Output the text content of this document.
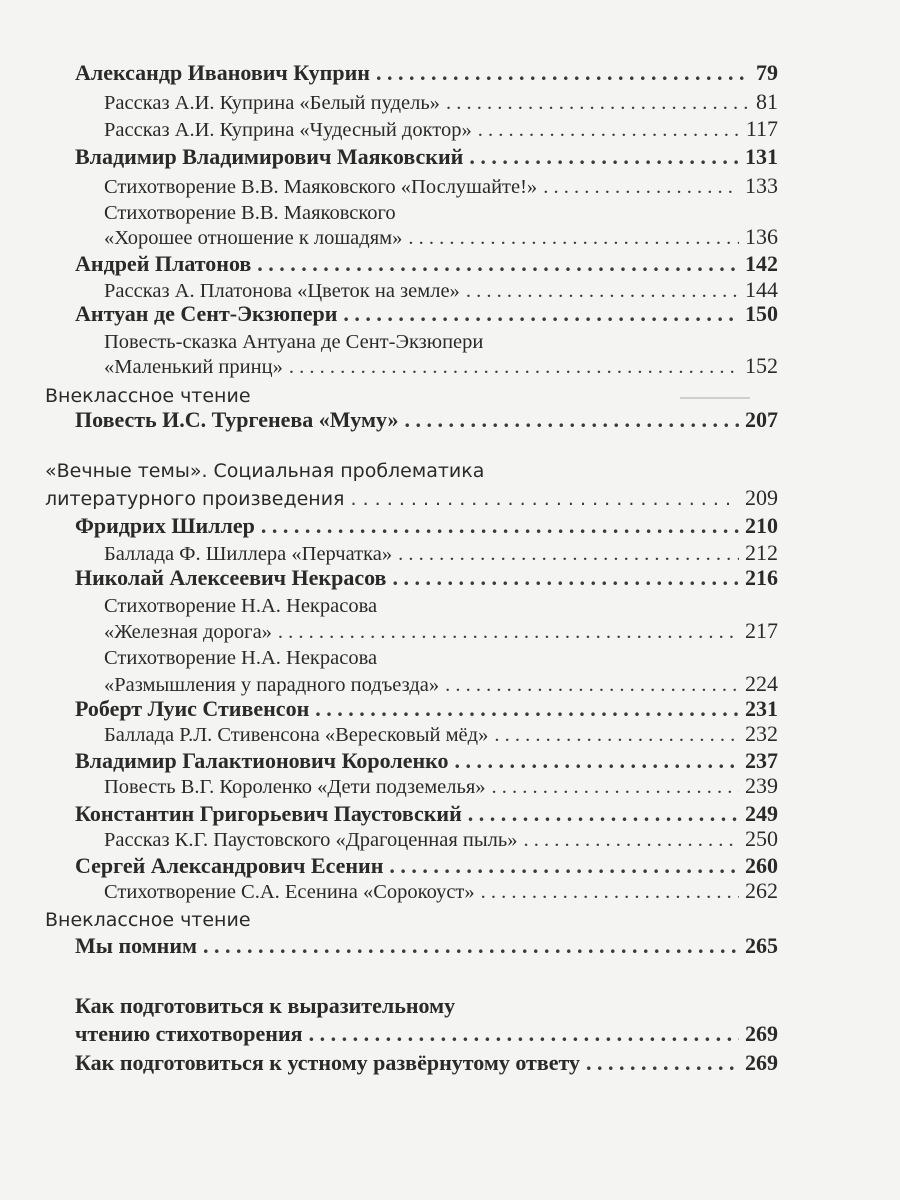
Александр Иванович Куприн . . .	79
Рассказ А.И. Куприна «Белый пудель» . . .	81
Рассказ А.И. Куприна «Чудесный доктор» . . .	117
Владимир Владимирович Маяковский . . .	131
Стихотворение В.В. Маяковского «Послушайте!» . . .	133
Стихотворение В.В. Маяковского
«Хорошее отношение к лошадям» . . .	136
Андрей Платонов . . .	142
Рассказ А. Платонова «Цветок на земле» . . .	144
Антуан де Сент-Экзюпери . . .	150
Повесть-сказка Антуана де Сент-Экзюпери
«Маленький принц» . . .	152
Внеклассное чтение
Повесть И.С. Тургенева «Муму» . . .	207
«Вечные темы». Социальная проблематика
литературного произведения . . .	209
Фридрих Шиллер . . .	210
Баллада Ф. Шиллера «Перчатка» . . .	212
Николай Алексеевич Некрасов . . .	216
Стихотворение Н.А. Некрасова
«Железная дорога» . . .	217
Стихотворение Н.А. Некрасова
«Размышления у парадного подъезда» . . .	224
Роберт Луис Стивенсон . . .	231
Баллада Р.Л. Стивенсона «Вересковый мёд» . . .	232
Владимир Галактионович Короленко . . .	237
Повесть В.Г. Короленко «Дети подземелья» . . .	239
Константин Григорьевич Паустовский . . .	249
Рассказ К.Г. Паустовского «Драгоценная пыль» . . .	250
Сергей Александрович Есенин . . .	260
Стихотворение С.А. Есенина «Сорокоуст» . . .	262
Внеклассное чтение
Мы помним . . .	265
Как подготовиться к выразительному
чтению стихотворения . . .	269
Как подготовиться к устному развёрнутому ответу . . .	269
